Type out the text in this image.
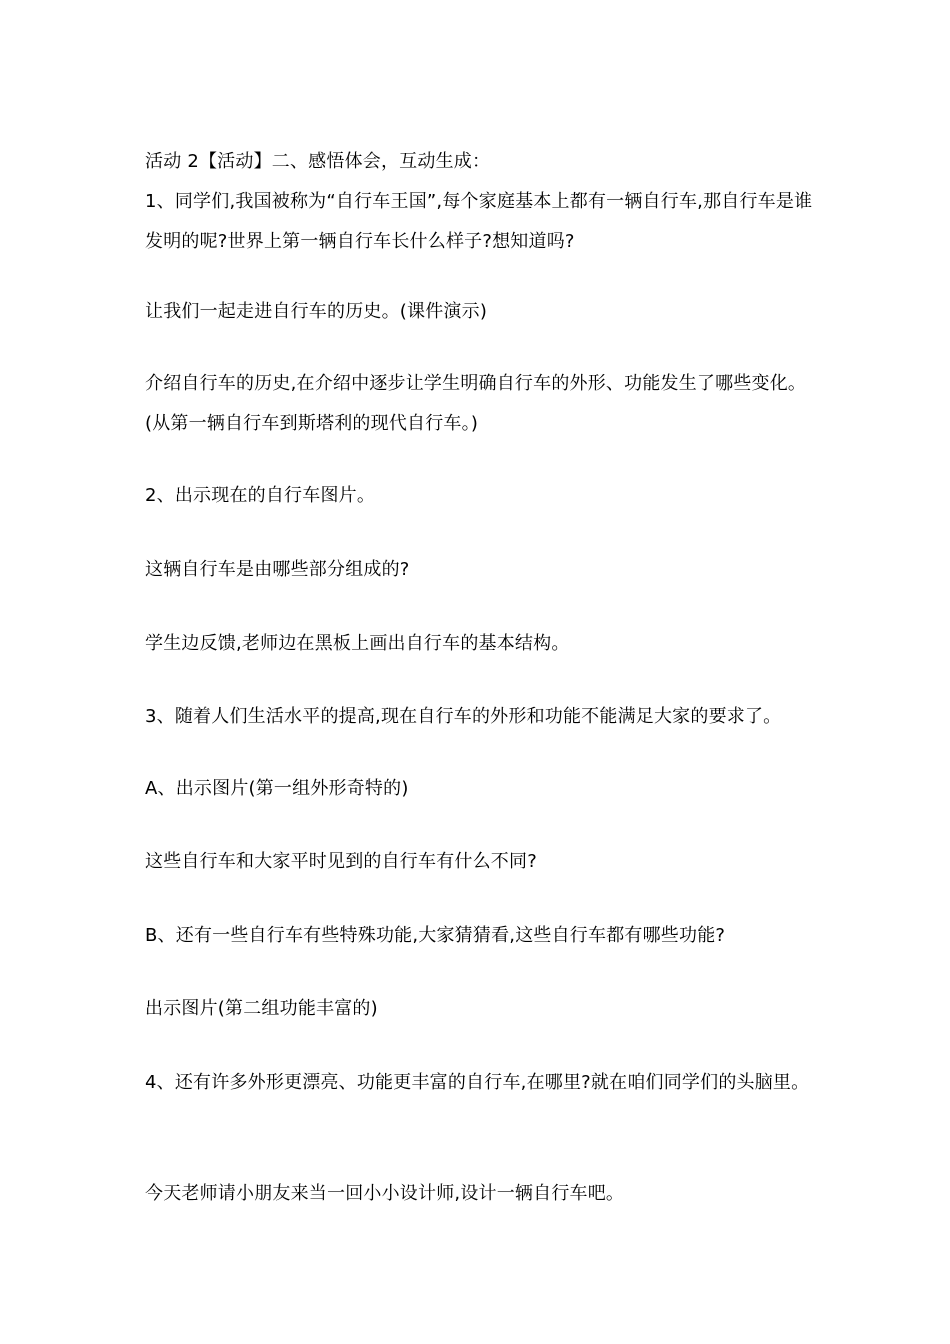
活动 2【活动】二、感悟体会，互动生成：

1、同学们,我国被称为“自行车王国”,每个家庭基本上都有一辆自行车,那自行车是谁发明的呢?世界上第一辆自行车长什么样子?想知道吗?

让我们一起走进自行车的历史。(课件演示)

介绍自行车的历史,在介绍中逐步让学生明确自行车的外形、功能发生了哪些变化。(从第一辆自行车到斯塔利的现代自行车。)

2、出示现在的自行车图片。

这辆自行车是由哪些部分组成的?

学生边反馈,老师边在黑板上画出自行车的基本结构。

3、随着人们生活水平的提高,现在自行车的外形和功能不能满足大家的要求了。

A、出示图片(第一组外形奇特的)

这些自行车和大家平时见到的自行车有什么不同?

B、还有一些自行车有些特殊功能,大家猜猜看,这些自行车都有哪些功能?

出示图片(第二组功能丰富的)

4、还有许多外形更漂亮、功能更丰富的自行车,在哪里?就在咱们同学们的头脑里。

今天老师请小朋友来当一回小小设计师,设计一辆自行车吧。
